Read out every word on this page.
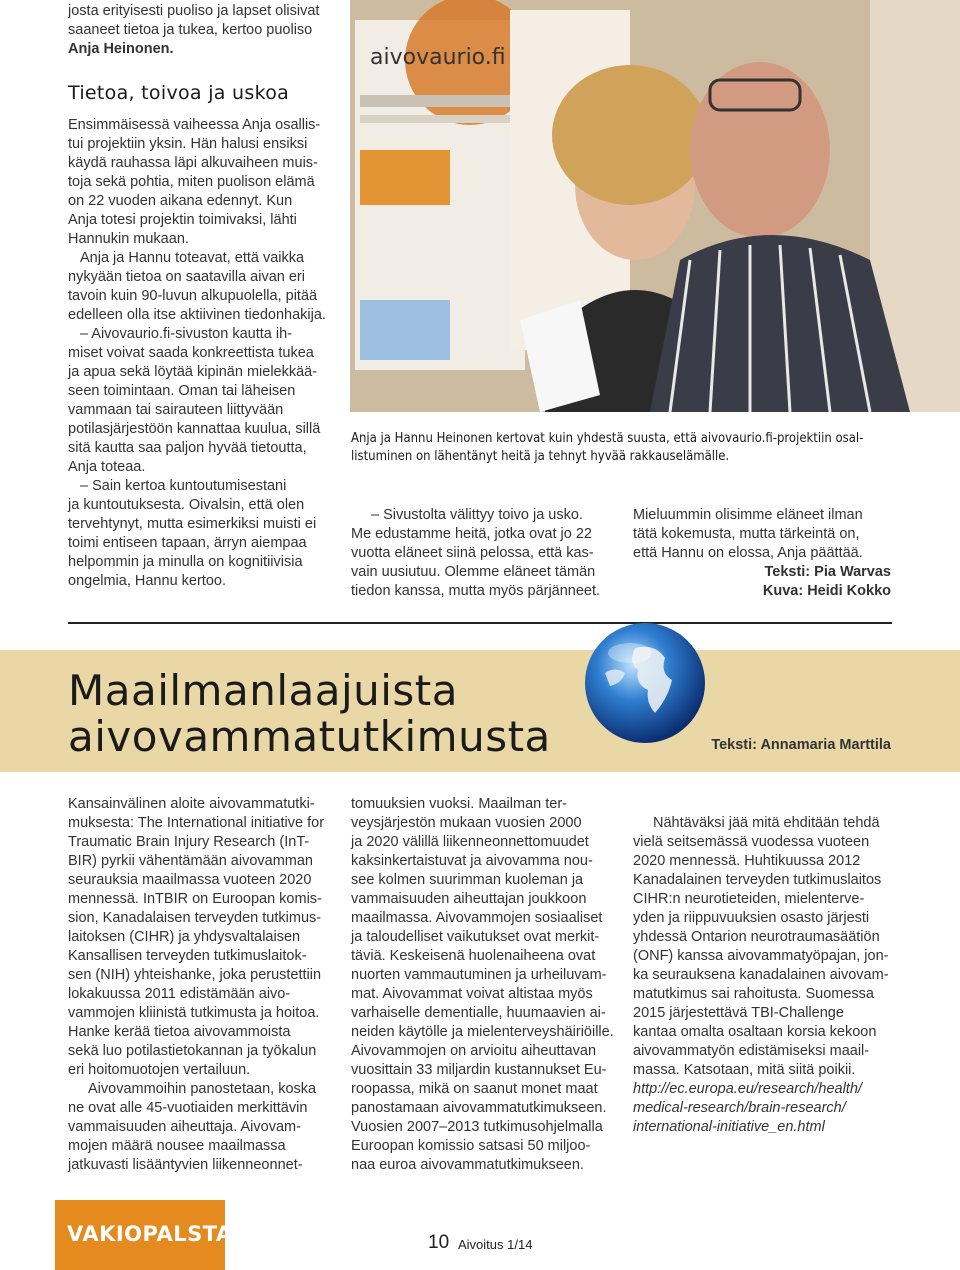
josta erityisesti puoliso ja lapset olisivat
saaneet tietoa ja tukea, kertoo puoliso
Anja Heinonen.
Tietoa, toivoa ja uskoa
Ensimmäisessä vaiheessa Anja osallis-
tui projektiin yksin. Hän halusi ensiksi
käydä rauhassa läpi alkuvaiheen muis-
toja sekä pohtia, miten puolison elämä
on 22 vuoden aikana edennyt. Kun
Anja totesi projektin toimivaksi, lähti
Hannukin mukaan.
Anja ja Hannu toteavat, että vaikka
nykyään tietoa on saatavilla aivan eri
tavoin kuin 90-luvun alkupuolella, pitää
edelleen olla itse aktiivinen tiedonhakija.
– Aivovaurio.fi-sivuston kautta ih-
miset voivat saada konkreettista tukea
ja apua sekä löytää kipinän mielekkää-
seen toimintaan. Oman tai läheisen
vammaan tai sairauteen liittyvään
potilasjärjestöön kannattaa kuulua, sillä
sitä kautta saa paljon hyvää tietoutta,
Anja toteaa.
– Sain kertoa kuntoutumisestani
ja kuntoutuksesta. Oivalsin, että olen
tervehtynyt, mutta esimerkiksi muisti ei
toimi entiseen tapaan, ärryn aiempaa
helpommin ja minulla on kognitiivisia
ongelmia, Hannu kertoo.
aivovaurio.fi
Anja ja Hannu Heinonen kertovat kuin yhdestä suusta, että aivovaurio.fi-projektiin osal-
listuminen on lähentänyt heitä ja tehnyt hyvää rakkauselämälle.
– Sivustolta välittyy toivo ja usko.
Me edustamme heitä, jotka ovat jo 22
vuotta eläneet siinä pelossa, että kas-
vain uusiutuu. Olemme eläneet tämän
tiedon kanssa, mutta myös pärjänneet.
Mieluummin olisimme eläneet ilman
tätä kokemusta, mutta tärkeintä on,
että Hannu on elossa, Anja päättää.
Teksti: Pia Warvas
Kuva: Heidi Kokko
Maailmanlaajuista
aivovammatutkimusta	Teksti: Annamaria Marttila
Kansainvälinen aloite aivovammatutki-
muksesta: The International initiative for
Traumatic Brain Injury Research (InT-
BIR) pyrkii vähentämään aivovamman
seurauksia maailmassa vuoteen 2020
mennessä. InTBIR on Euroopan komis-
sion, Kanadalaisen terveyden tutkimus-
laitoksen (CIHR) ja yhdysvaltalaisen
Kansallisen terveyden tutkimuslaitok-
sen (NIH) yhteishanke, joka perustettiin
lokakuussa 2011 edistämään aivo-
vammojen kliinistä tutkimusta ja hoitoa.
Hanke kerää tietoa aivovammoista
sekä luo potilastietokannan ja työkalun
eri hoitomuotojen vertailuun.
Aivovammoihin panostetaan, koska
ne ovat alle 45-vuotiaiden merkittävin
vammaisuuden aiheuttaja. Aivovam-
mojen määrä nousee maailmassa
jatkuvasti lisääntyvien liikenneonnet-
tomuuksien vuoksi. Maailman ter-
veysjärjestön mukaan vuosien 2000
ja 2020 välillä liikenneonnettomuudet
kaksinkertaistuvat ja aivovamma nou-
see kolmen suurimman kuoleman ja
vammaisuuden aiheuttajan joukkoon
maailmassa. Aivovammojen sosiaaliset
ja taloudelliset vaikutukset ovat merkit-
täviä. Keskeisenä huolenaiheena ovat
nuorten vammautuminen ja urheiluvam-
mat. Aivovammat voivat altistaa myös
varhaiselle dementialle, huumaavien ai-
neiden käytölle ja mielenterveyshäiriöille.
Aivovammojen on arvioitu aiheuttavan
vuosittain 33 miljardin kustannukset Eu-
roopassa, mikä on saanut monet maat
panostamaan aivovammatutkimukseen.
Vuosien 2007–2013 tutkimusohjelmalla
Euroopan komissio satsasi 50 miljoo-
naa euroa aivovammatutkimukseen.
Nähtäväksi jää mitä ehditään tehdä
vielä seitsemässä vuodessa vuoteen
2020 mennessä. Huhtikuussa 2012
Kanadalainen terveyden tutkimuslaitos
CIHR:n neurotieteiden, mielenterve-
yden ja riippuvuuksien osasto järjesti
yhdessä Ontarion neurotraumasäätiön
(ONF) kanssa aivovammatyöpajan, jon-
ka seurauksena kanadalainen aivovam-
matutkimus sai rahoitusta. Suomessa
2015 järjestettävä TBI-Challenge
kantaa omalta osaltaan korsia kekoon
aivovammatyön edistämiseksi maail-
massa. Katsotaan, mitä siitä poikii.
http://ec.europa.eu/research/health/
medical-research/brain-research/
international-initiative_en.html
VAKIOPALSTA	10 Aivoitus 1/14
